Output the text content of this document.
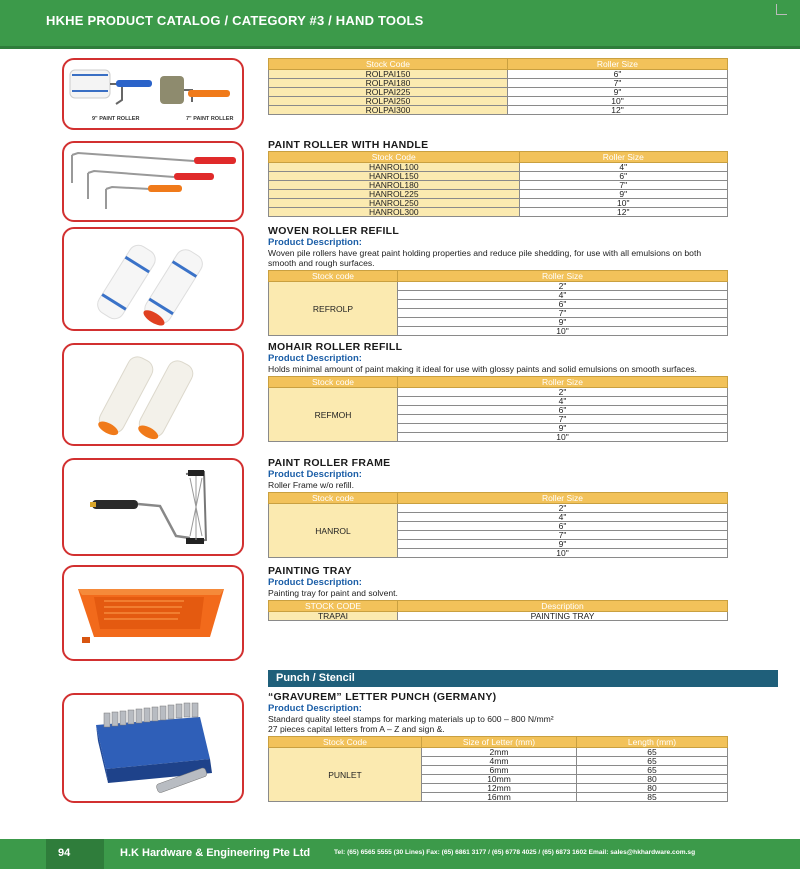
HKHE PRODUCT CATALOG / CATEGORY #3 / HAND TOOLS
9" PAINT ROLLER	7" PAINT ROLLER
Stock Code	Roller Size
ROLPAI150	6"
ROLPAI180	7"
ROLPAI225	9"
ROLPAI250	10"
ROLPAI300	12"
PAINT ROLLER WITH HANDLE
Stock Code	Roller Size
HANROL100	4"
HANROL150	6"
HANROL180	7"
HANROL225	9"
HANROL250	10"
HANROL300	12"
WOVEN ROLLER REFILL
Product Description:
Woven pile rollers have great paint holding properties and reduce pile shedding, for use with all emulsions on both smooth and rough surfaces.
Stock code	Roller Size
REFROLP	2"
	4"
	6"
	7"
	9"
	10"
MOHAIR ROLLER REFILL
Product Description:
Holds minimal amount of paint making it ideal for use with glossy paints and solid emulsions on smooth surfaces.
Stock code	Roller Size
REFMOH	2"
	4"
	6"
	7"
	9"
	10"
PAINT ROLLER FRAME
Product Description:
Roller Frame w/o refill.
Stock code	Roller Size
HANROL	2"
	4"
	6"
	7"
	9"
	10"
PAINTING TRAY
Product Description:
Painting tray for paint and solvent.
STOCK CODE	Description
TRAPAI	PAINTING TRAY
Punch / Stencil
“GRAVUREM” LETTER PUNCH (GERMANY)
Product Description:
Standard quality steel stamps for marking materials up to 600 – 800 N/mm²
27 pieces capital letters from A – Z and sign &.
Stock Code	Size of Letter (mm)	Length (mm)
PUNLET	2mm	65
	4mm	65
	6mm	65
	10mm	80
	12mm	80
	16mm	85
94	H.K Hardware & Engineering Pte Ltd	Tel: (65) 6565 5555 (30 Lines) Fax: (65) 6861 3177 / (65) 6778 4025 / (65) 6873 1602 Email: sales@hkhardware.com.sg
